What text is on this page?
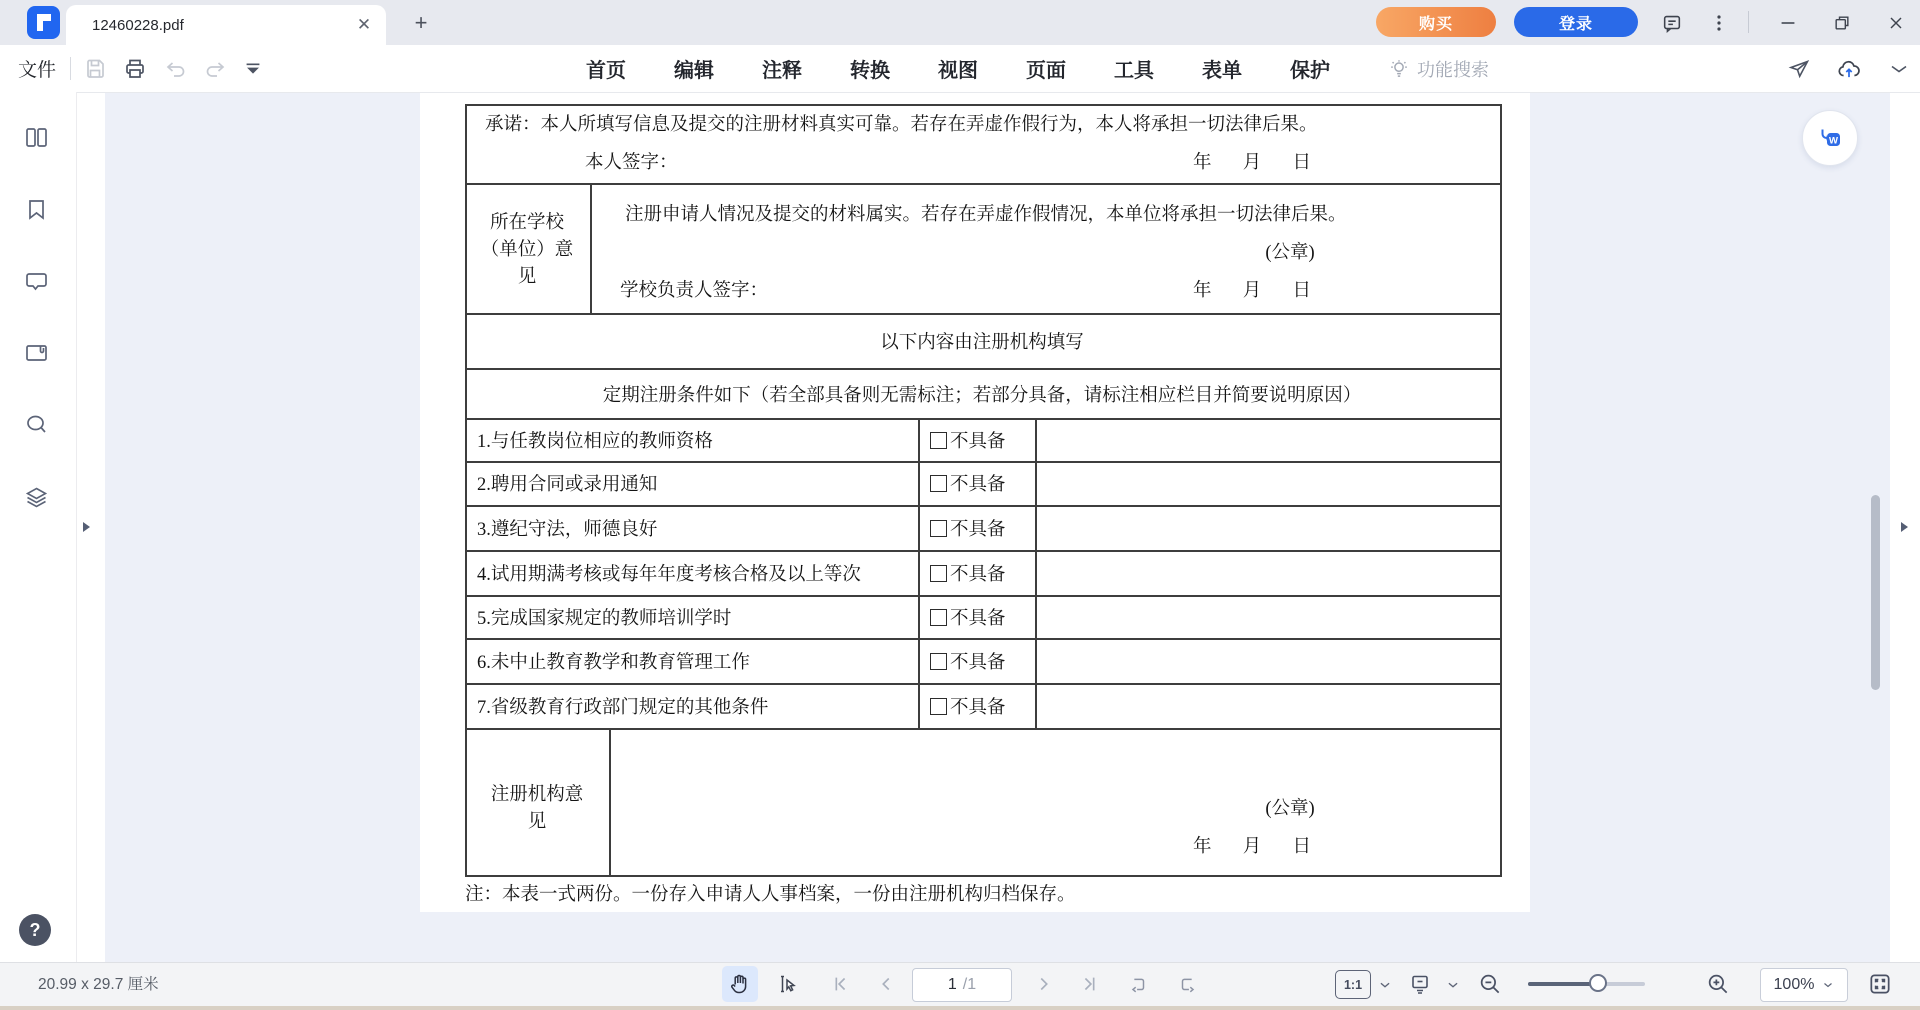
承诺：本人所填写信息及提交的注册材料真实可靠。若存在弄虚作假行为，本人将承担一切法律后果。
本人签字：	年 月 日
所在学校
（单位）意
见
注册申请人情况及提交的材料属实。若存在弄虚作假情况，本单位将承担一切法律后果。
(公章)
学校负责人签字：	年 月 日
以下内容由注册机构填写
定期注册条件如下（若全部具备则无需标注；若部分具备，请标注相应栏目并简要说明原因）
1.与任教岗位相应的教师资格	不具备
2.聘用合同或录用通知	不具备
3.遵纪守法，师德良好	不具备
4.试用期满考核或每年年度考核合格及以上等次	不具备
5.完成国家规定的教师培训学时	不具备
6.未中止教育教学和教育管理工作	不具备
7.省级教育行政部门规定的其他条件	不具备
注册机构意
见
(公章)
年 月 日
注：本表一式两份。一份存入申请人人事档案，一份由注册机构归档保存。
W
12460228.pdf	✕	+	购买	登录
文件	首页 编辑 注释 转换 视图 页面 工具 表单 保护	功能搜索
?
20.99 x 29.7 厘米	1 /1	1:1	100%
